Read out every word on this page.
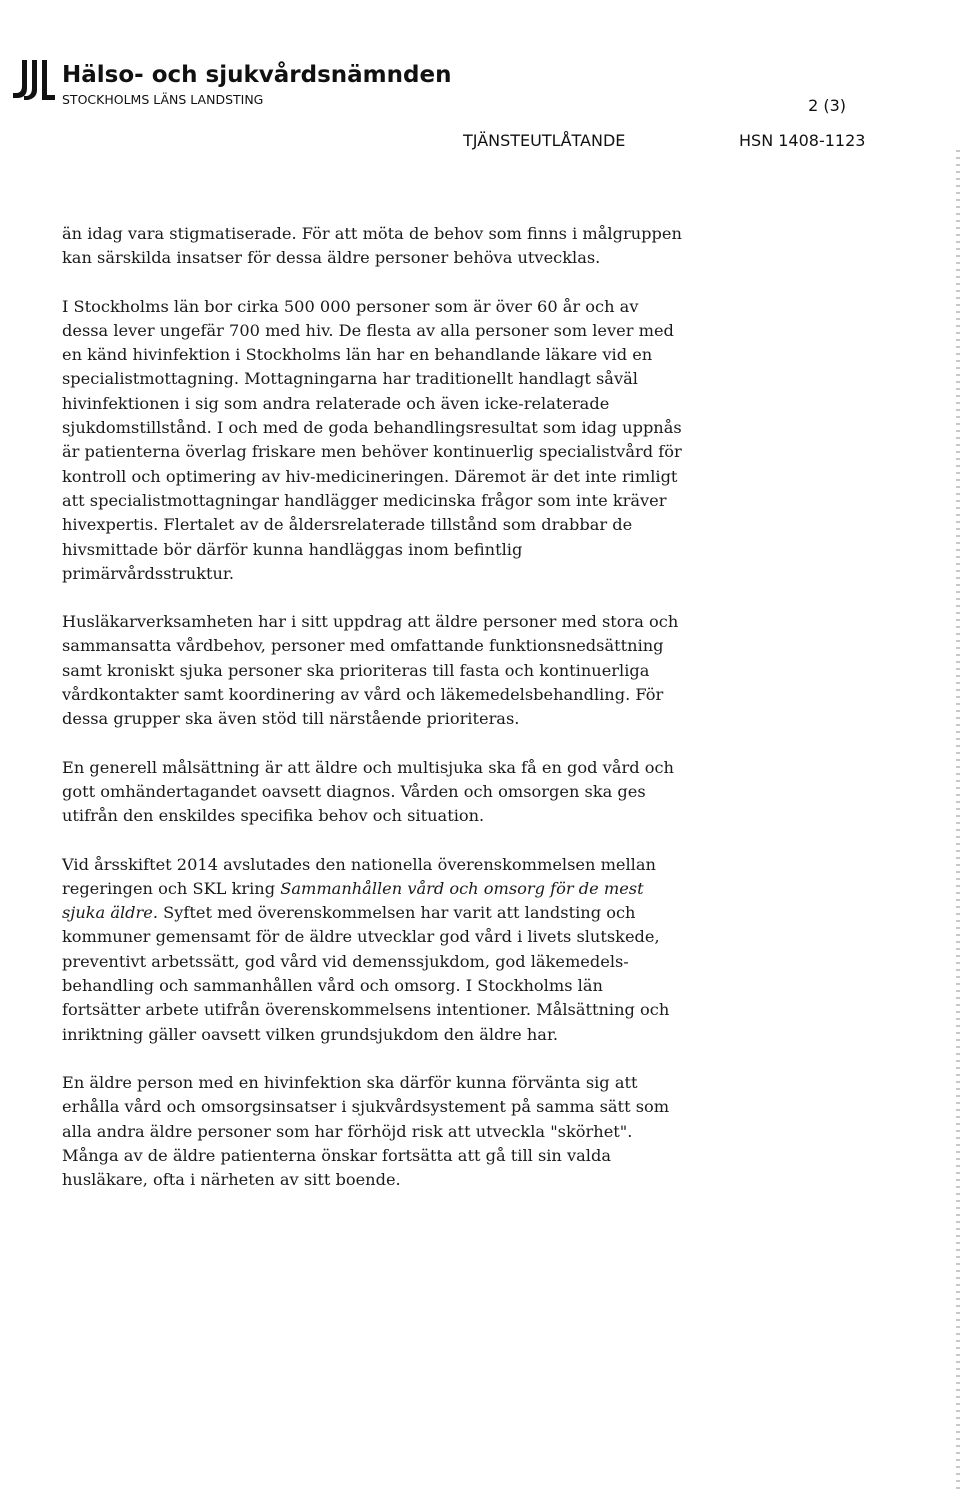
Hälso- och sjukvårdsnämnden
STOCKHOLMS LÄNS LANDSTING	2 (3)
TJÄNSTEUTLÅTANDE	HSN 1408-1123

än idag vara stigmatiserade. För att möta de behov som finns i målgruppen
kan särskilda insatser för dessa äldre personer behöva utvecklas.

I Stockholms län bor cirka 500 000 personer som är över 60 år och av
dessa lever ungefär 700 med hiv. De flesta av alla personer som lever med
en känd hivinfektion i Stockholms län har en behandlande läkare vid en
specialistmottagning. Mottagningarna har traditionellt handlagt såväl
hivinfektionen i sig som andra relaterade och även icke-relaterade
sjukdomstillstånd. I och med de goda behandlingsresultat som idag uppnås
är patienterna överlag friskare men behöver kontinuerlig specialistvård för
kontroll och optimering av hiv-medicineringen. Däremot är det inte rimligt
att specialistmottagningar handlägger medicinska frågor som inte kräver
hivexpertis. Flertalet av de åldersrelaterade tillstånd som drabbar de
hivsmittade bör därför kunna handläggas inom befintlig
primärvårdsstruktur.

Husläkarverksamheten har i sitt uppdrag att äldre personer med stora och
sammansatta vårdbehov, personer med omfattande funktionsnedsättning
samt kroniskt sjuka personer ska prioriteras till fasta och kontinuerliga
vårdkontakter samt koordinering av vård och läkemedelsbehandling. För
dessa grupper ska även stöd till närstående prioriteras.

En generell målsättning är att äldre och multisjuka ska få en god vård och
gott omhändertagandet oavsett diagnos. Vården och omsorgen ska ges
utifrån den enskildes specifika behov och situation.

Vid årsskiftet 2014 avslutades den nationella överenskommelsen mellan
regeringen och SKL kring Sammanhållen vård och omsorg för de mest
sjuka äldre. Syftet med överenskommelsen har varit att landsting och
kommuner gemensamt för de äldre utvecklar god vård i livets slutskede,
preventivt arbetssätt, god vård vid demenssjukdom, god läkemedels-
behandling och sammanhållen vård och omsorg. I Stockholms län
fortsätter arbete utifrån överenskommelsens intentioner. Målsättning och
inriktning gäller oavsett vilken grundsjukdom den äldre har.

En äldre person med en hivinfektion ska därför kunna förvänta sig att
erhålla vård och omsorgsinsatser i sjukvårdsystement på samma sätt som
alla andra äldre personer som har förhöjd risk att utveckla "skörhet".
Många av de äldre patienterna önskar fortsätta att gå till sin valda
husläkare, ofta i närheten av sitt boende.
